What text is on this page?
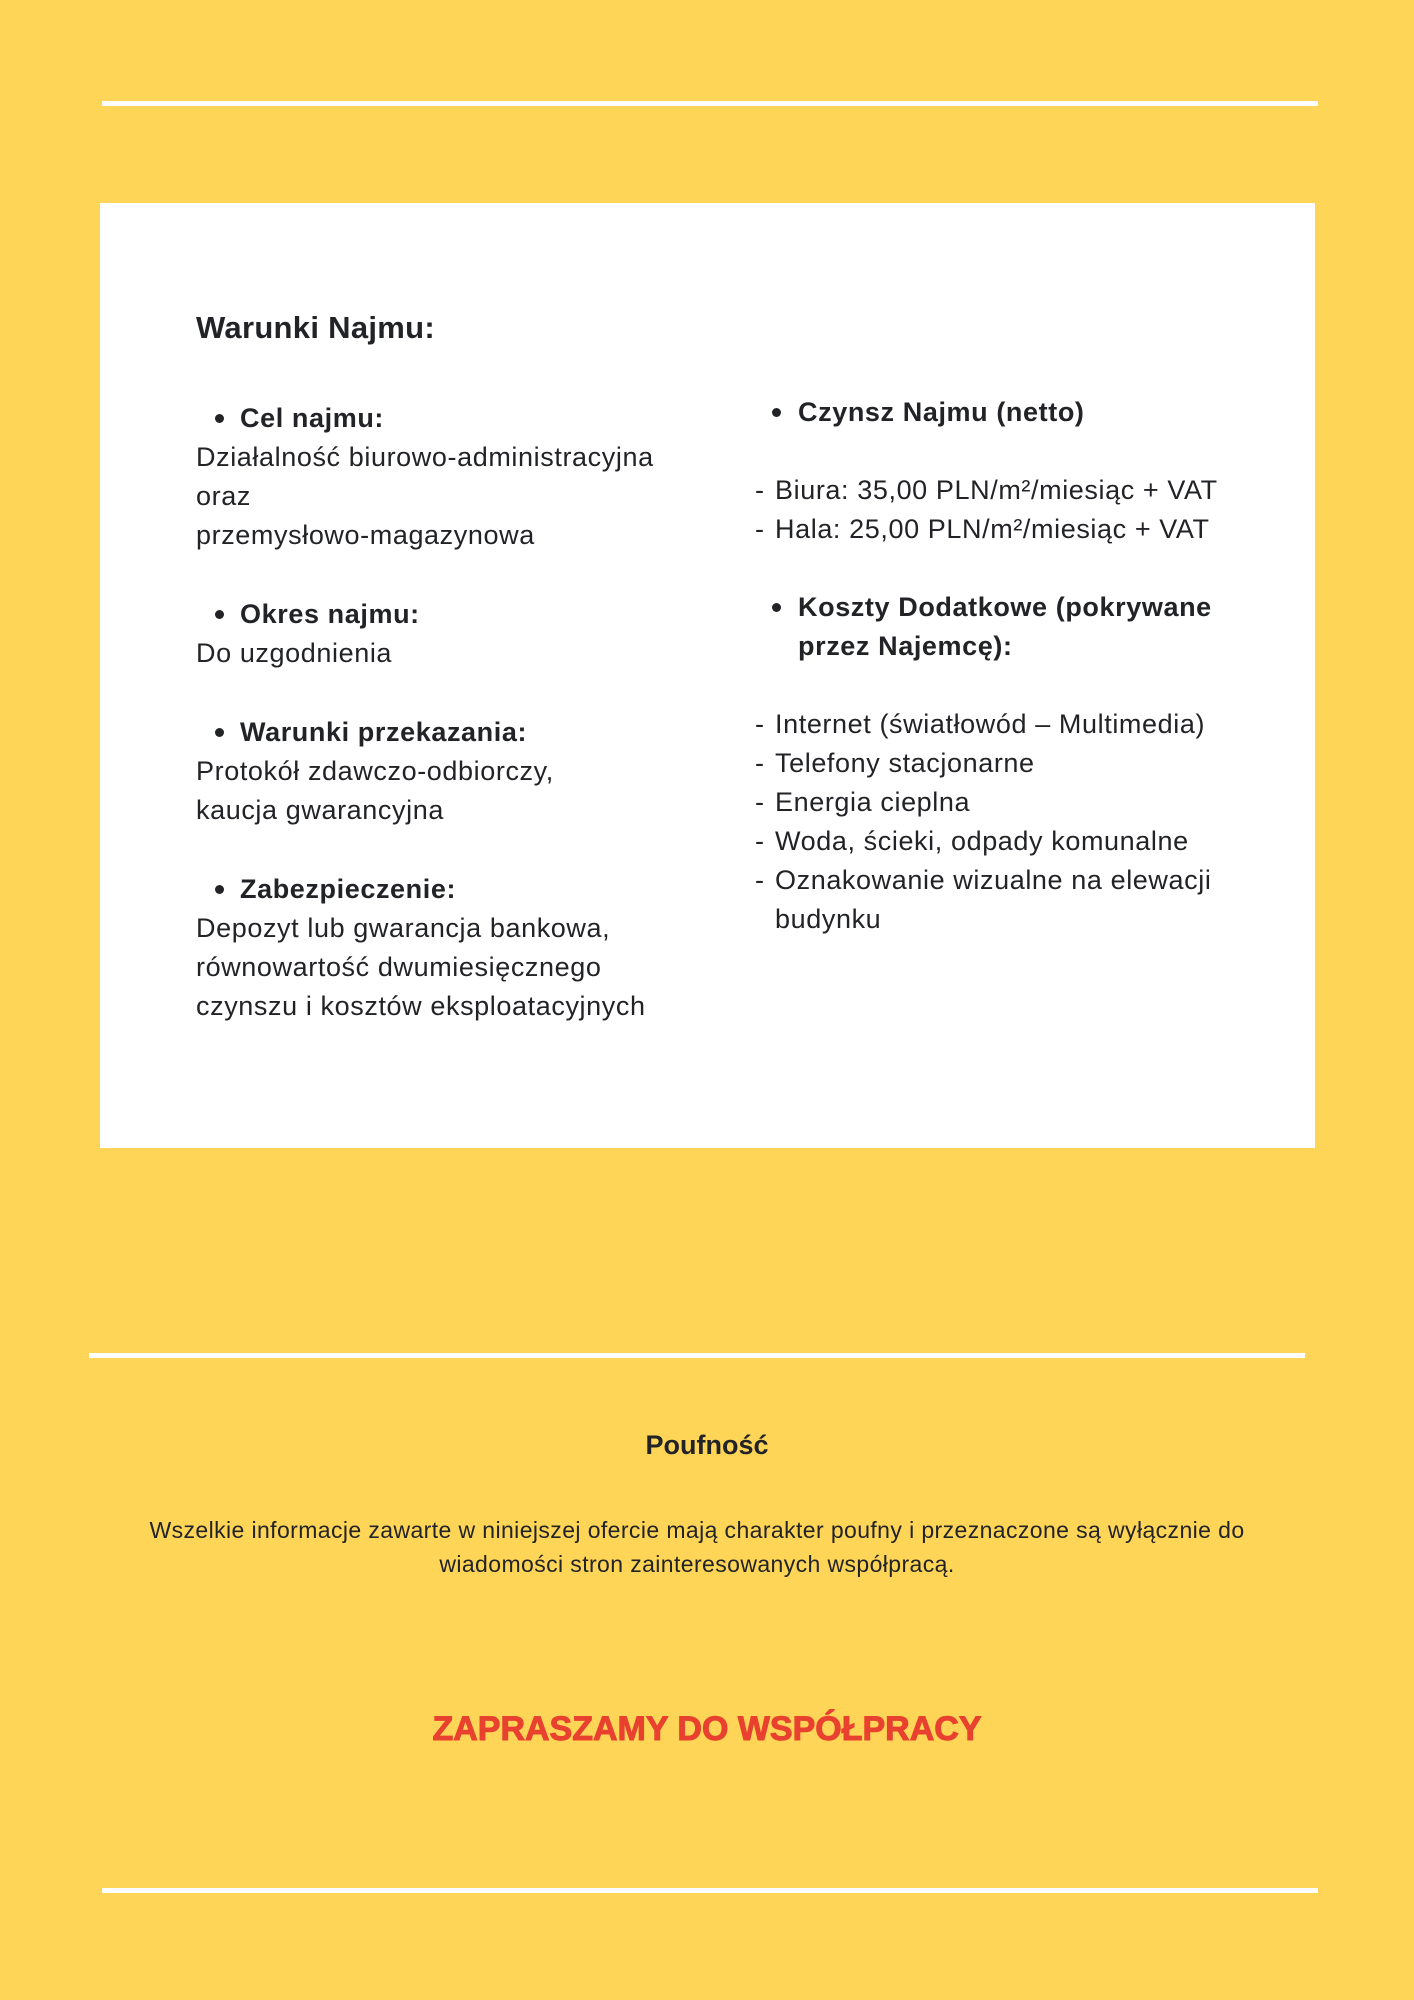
Warunki Najmu:
Cel najmu:

Działalność biurowo-administracyjna

oraz

przemysłowo-magazynowa

Okres najmu:

Do uzgodnienia

Warunki przekazania:

Protokół zdawczo-odbiorczy,

kaucja gwarancyjna

Zabezpieczenie:

Depozyt lub gwarancja bankowa,

równowartość dwumiesięcznego

czynszu i kosztów eksploatacyjnych

Czynsz Najmu (netto)
- Biura: 35,00 PLN/m²/miesiąc + VAT
- Hala: 25,00 PLN/m²/miesiąc + VAT
Koszty Dodatkowe (pokrywane przez Najemcę):
- Internet (światłowód – Multimedia)
- Telefony stacjonarne
- Energia cieplna
- Woda, ścieki, odpady komunalne
- Oznakowanie wizualne na elewacji budynku
Poufność

Wszelkie informacje zawarte w niniejszej ofercie mają charakter poufny i przeznaczone są wyłącznie do wiadomości stron zainteresowanych współpracą.

ZAPRASZAMY DO WSPÓŁPRACY
